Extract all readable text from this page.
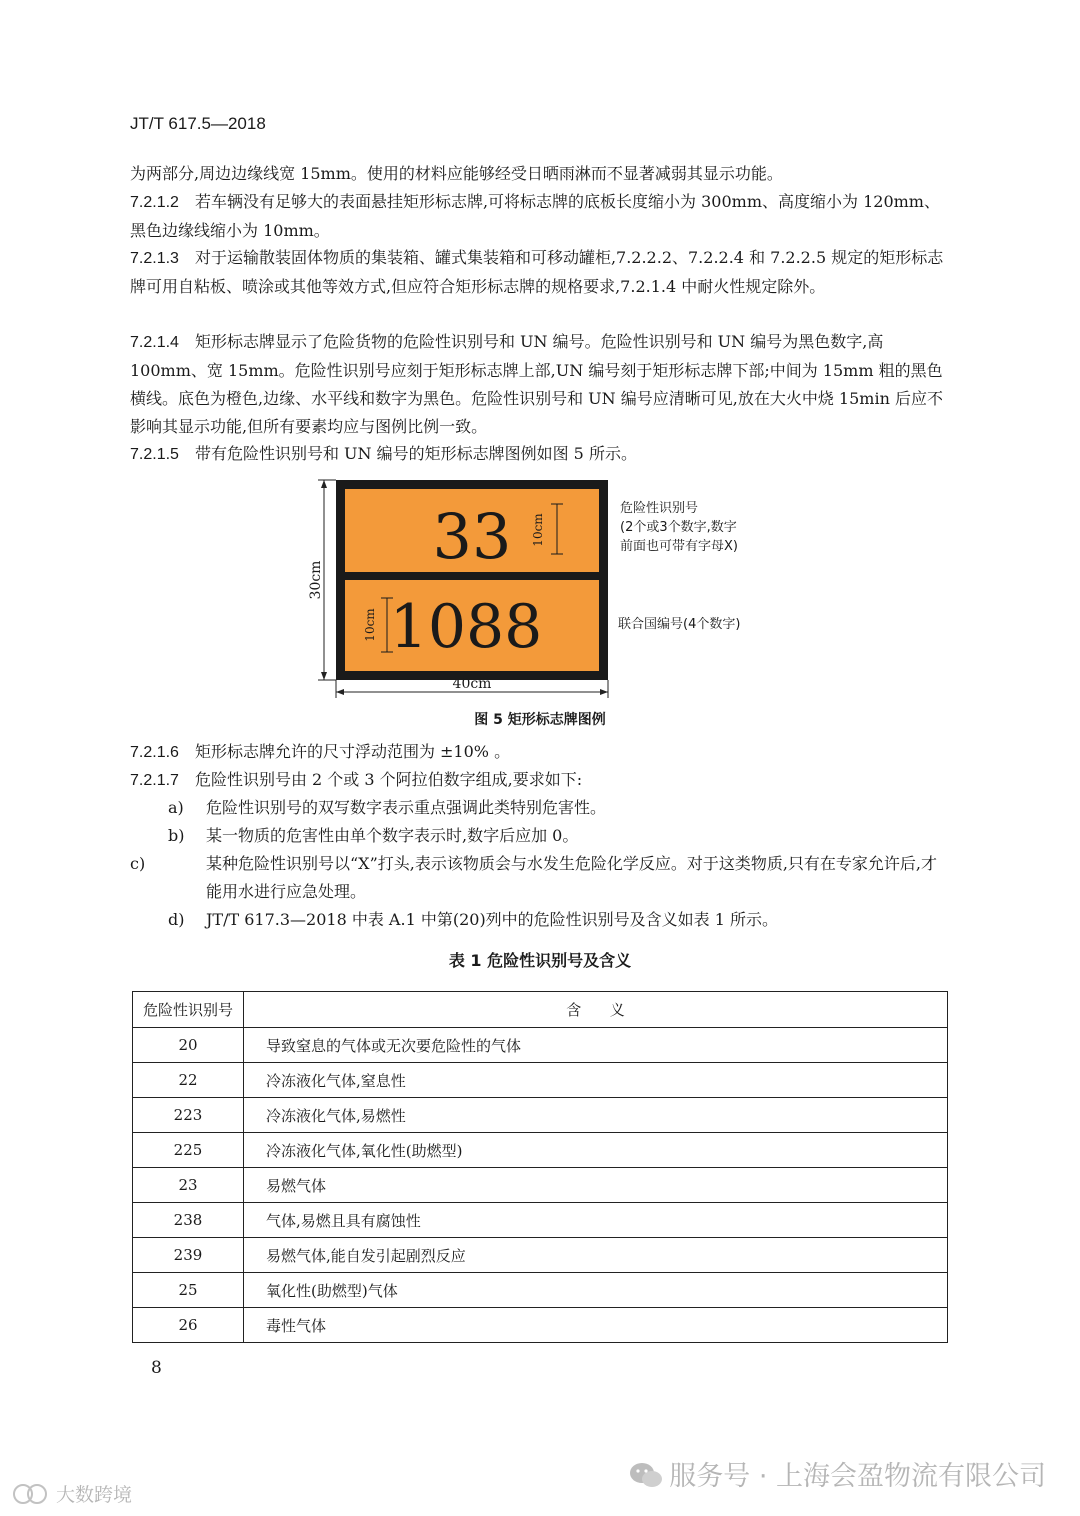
JT/T 617.5—2018
为两部分,周边边缘线宽 15mm。使用的材料应能够经受日晒雨淋而不显著减弱其显示功能。
7.2.1.2 若车辆没有足够大的表面悬挂矩形标志牌,可将标志牌的底板长度缩小为 300mm、高度缩小为 120mm、黑色边缘线缩小为 10mm。
7.2.1.3 对于运输散装固体物质的集装箱、罐式集装箱和可移动罐柜,7.2.2.2、7.2.2.4 和 7.2.2.5 规定的矩形标志牌可用自粘板、喷涂或其他等效方式,但应符合矩形标志牌的规格要求,7.2.1.4 中耐火性规定除外。
7.2.1.4 矩形标志牌显示了危险货物的危险性识别号和 UN 编号。危险性识别号和 UN 编号为黑色数字,高 100mm、宽 15mm。危险性识别号应刻于矩形标志牌上部,UN 编号刻于矩形标志牌下部;中间为 15mm 粗的黑色横线。底色为橙色,边缘、水平线和数字为黑色。危险性识别号和 UN 编号应清晰可见,放在大火中烧 15min 后应不影响其显示功能,但所有要素均应与图例比例一致。
7.2.1.5 带有危险性识别号和 UN 编号的矩形标志牌图例如图 5 所示。
30cm
33
1088
10cm
10cm
40cm
危险性识别号
(2个或3个数字,数字
前面也可带有字母X)
联合国编号(4个数字)
图 5 矩形标志牌图例
7.2.1.6 矩形标志牌允许的尺寸浮动范围为 ±10% 。
7.2.1.7 危险性识别号由 2 个或 3 个阿拉伯数字组成,要求如下:
a) 危险性识别号的双写数字表示重点强调此类特别危害性。
b) 某一物质的危害性由单个数字表示时,数字后应加 0。
c)	某种危险性识别号以“X”打头,表示该物质会与水发生危险化学反应。对于这类物质,只有在专家允许后,才能用水进行应急处理。
d) JT/T 617.3—2018 中表 A.1 中第(20)列中的危险性识别号及含义如表 1 所示。
表 1 危险性识别号及含义
危险性识别号	含      义
20	导致窒息的气体或无次要危险性的气体
22	冷冻液化气体,窒息性
223	冷冻液化气体,易燃性
225	冷冻液化气体,氧化性(助燃型)
23	易燃气体
238	气体,易燃且具有腐蚀性
239	易燃气体,能自发引起剧烈反应
25	氧化性(助燃型)气体
26	毒性气体
8
服务号 · 上海会盈物流有限公司
大数跨境
